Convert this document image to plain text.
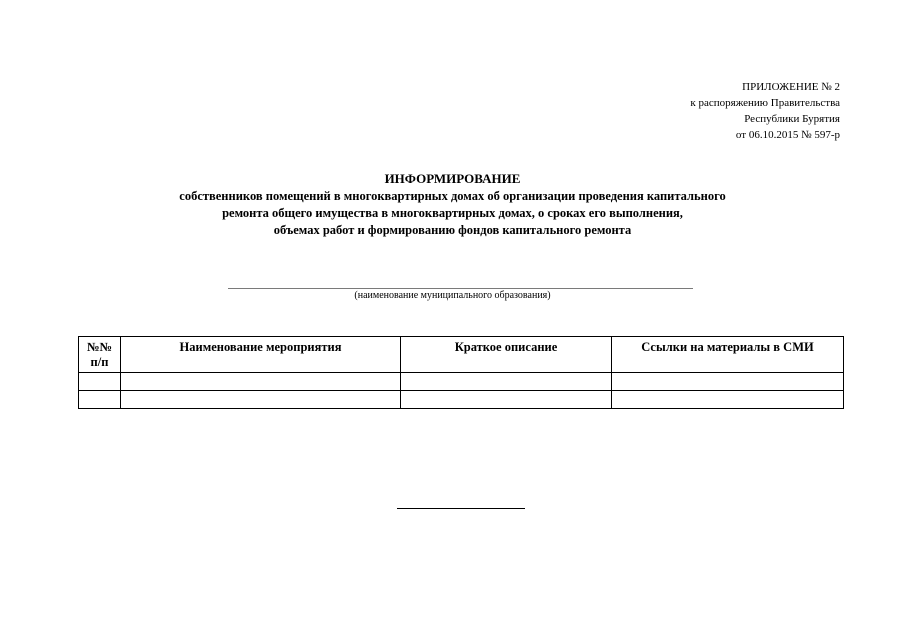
ПРИЛОЖЕНИЕ № 2
к распоряжению Правительства
Республики Бурятия
от 06.10.2015 № 597-р
ИНФОРМИРОВАНИЕ
собственников помещений в многоквартирных домах об организации проведения капитального
ремонта общего имущества в многоквартирных домах, о сроках его выполнения,
объемах работ и формированию фондов капитального ремонта
(наименование муниципального образования)
№№
п/п	Наименование мероприятия	Краткое описание	Ссылки на материалы в СМИ
